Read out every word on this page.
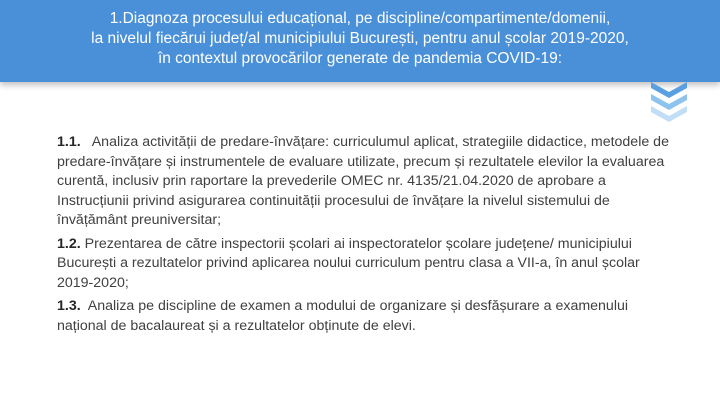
1.Diagnoza procesului educațional, pe discipline/compartimente/domenii,
la nivelul fiecărui județ/al municipiului București, pentru anul școlar 2019-2020,
în contextul provocărilor generate de pandemia COVID-19:

1.1. Analiza activității de predare-învățare: curriculumul aplicat, strategiile didactice, metodele de predare-învățare și instrumentele de evaluare utilizate, precum și rezultatele elevilor la evaluarea curentă, inclusiv prin raportare la prevederile OMEC nr. 4135/21.04.2020 de aprobare a Instrucțiunii privind asigurarea continuității procesului de învățare la nivelul sistemului de învățământ preuniversitar;

1.2. Prezentarea de către inspectorii școlari ai inspectoratelor școlare județene/ municipiului București a rezultatelor privind aplicarea noului curriculum pentru clasa a VII-a, în anul școlar 2019-2020;

1.3. Analiza pe discipline de examen a modului de organizare și desfășurare a examenului național de bacalaureat și a rezultatelor obținute de elevi.
